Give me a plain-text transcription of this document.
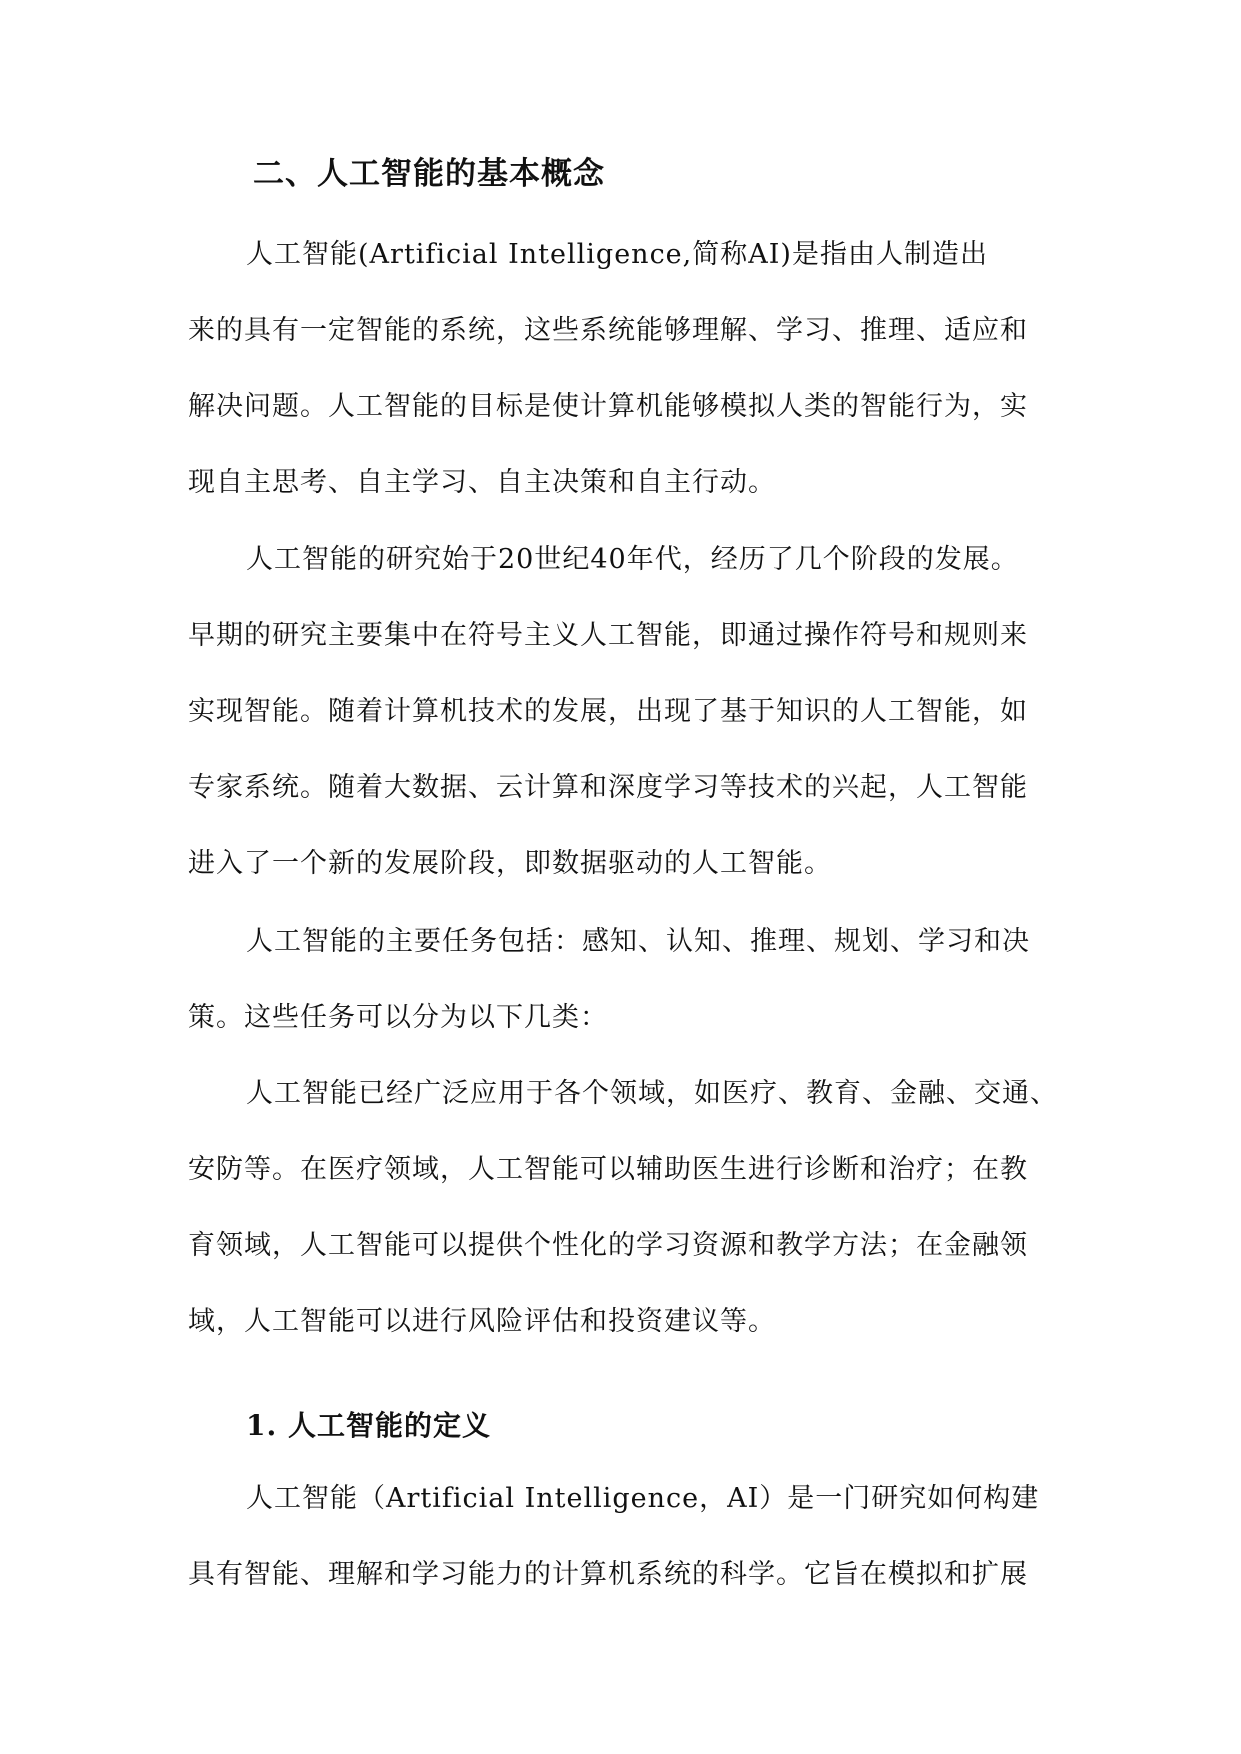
二、人工智能的基本概念
人工智能(Artificial Intelligence,简称AI)是指由人制造出
来的具有一定智能的系统，这些系统能够理解、学习、推理、适应和
解决问题。人工智能的目标是使计算机能够模拟人类的智能行为，实
现自主思考、自主学习、自主决策和自主行动。
人工智能的研究始于20世纪40年代，经历了几个阶段的发展。
早期的研究主要集中在符号主义人工智能，即通过操作符号和规则来
实现智能。随着计算机技术的发展，出现了基于知识的人工智能，如
专家系统。随着大数据、云计算和深度学习等技术的兴起，人工智能
进入了一个新的发展阶段，即数据驱动的人工智能。
人工智能的主要任务包括：感知、认知、推理、规划、学习和决
策。这些任务可以分为以下几类：
人工智能已经广泛应用于各个领域，如医疗、教育、金融、交通、
安防等。在医疗领域，人工智能可以辅助医生进行诊断和治疗；在教
育领域，人工智能可以提供个性化的学习资源和教学方法；在金融领
域，人工智能可以进行风险评估和投资建议等。
1. 人工智能的定义
人工智能（Artificial Intelligence，AI）是一门研究如何构建
具有智能、理解和学习能力的计算机系统的科学。它旨在模拟和扩展
